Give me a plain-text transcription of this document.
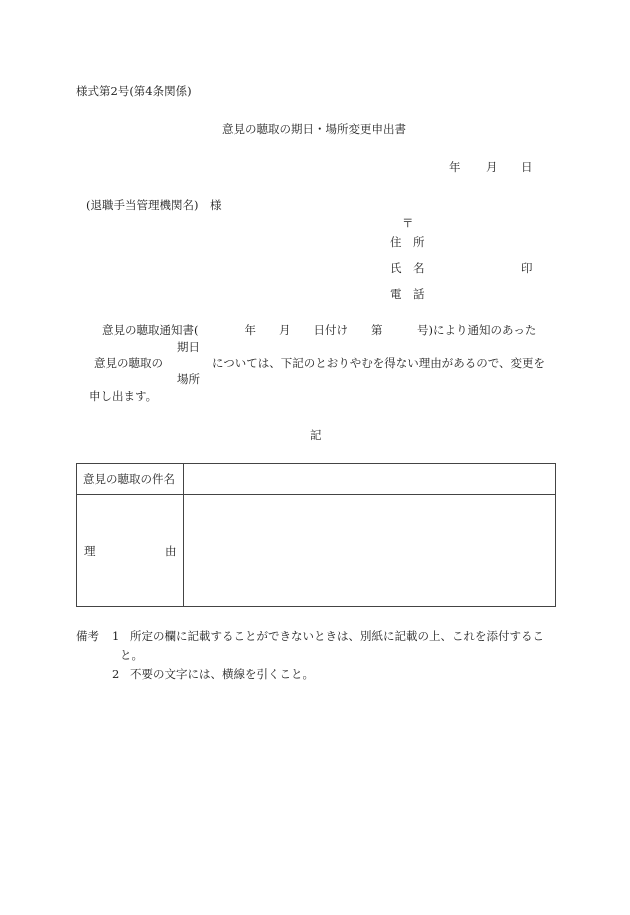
様式第2号(第4条関係)
意見の聴取の期日・場所変更申出書
年 月 日
(退職手当管理機関名)　様
〒
住　所
氏　名	印
電　話
意見の聴取通知書(　　　　年　　月　　日付け　　第　　　号)により通知のあった
期日
意見の聴取の	については、下記のとおりやむを得ない理由があるので、変更を
場所
申し出ます。
記
意見の聴取の件名
理	由
備考 1 所定の欄に記載することができないときは、別紙に記載の上、これを添付するこ
と。
2 不要の文字には、横線を引くこと。
